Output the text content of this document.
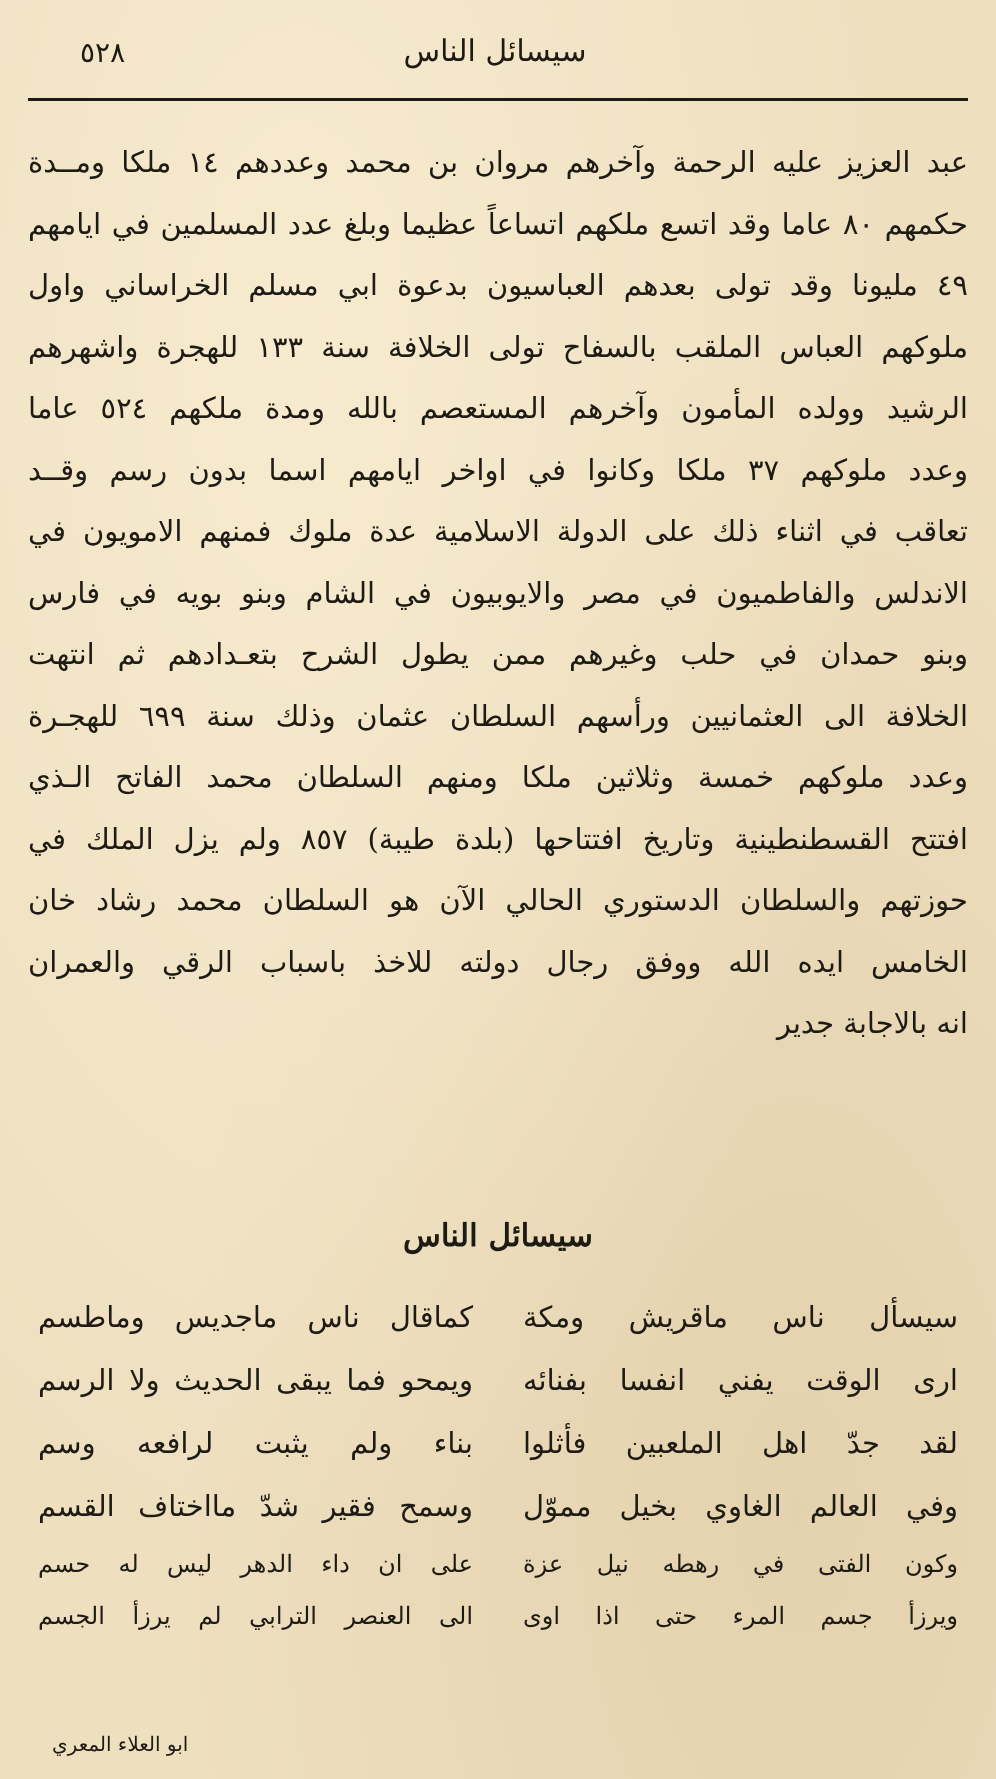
٥٢٨	سيسائل الناس
عبد العزيز عليه الرحمة وآخرهم مروان بن محمد وعددهم ١٤ ملكا ومــدة
حكمهم ٨٠ عاما وقد اتسع ملكهم اتساعاً عظيما وبلغ عدد المسلمين في ايامهم
٤٩ مليونا وقد تولى بعدهم العباسيون بدعوة ابي مسلم الخراساني واول
ملوكهم العباس الملقب بالسفاح تولى الخلافة سنة ١٣٣ للهجرة واشهرهم
الرشيد وولده المأمون وآخرهم المستعصم بالله ومدة ملكهم ٥٢٤ عاما
وعدد ملوكهم ٣٧ ملكا وكانوا في اواخر ايامهم اسما بدون رسم وقــد
تعاقب في اثناء ذلك على الدولة الاسلامية عدة ملوك فمنهم الامويون في
الاندلس والفاطميون في مصر والايوبيون في الشام وبنو بويه في فارس
وبنو حمدان في حلب وغيرهم ممن يطول الشرح بتعـدادهم ثم انتهت
الخلافة الى العثمانيين ورأسهم السلطان عثمان وذلك سنة ٦٩٩ للهجـرة
وعدد ملوكهم خمسة وثلاثين ملكا ومنهم السلطان محمد الفاتح الـذي
افتتح القسطنطينية وتاريخ افتتاحها (بلدة طيبة) ٨٥٧ ولم يزل الملك في
حوزتهم والسلطان الدستوري الحالي الآن هو السلطان محمد رشاد خان
الخامس ايده الله ووفق رجال دولته للاخذ باسباب الرقي والعمران
انه بالاجابة جدير
سيسائل الناس
سيسأل ناس ماقريش ومكة
كماقال ناس ماجديس وماطسم
ارى الوقت يفني انفسا بفنائه
ويمحو فما يبقى الحديث ولا الرسم
لقد جدّ اهل الملعبين فأثلوا
بناء ولم يثبت لرافعه وسم
وفي العالم الغاوي بخيل مموّل
وسمح فقير شدّ مااختاف القسم
وكون الفتى في رهطه نيل عزة
على ان داء الدهر ليس له حسم
ويرزأ جسم المرء حتى اذا اوى
الى العنصر الترابي لم يرزأ الجسم
ابو العلاء المعري
